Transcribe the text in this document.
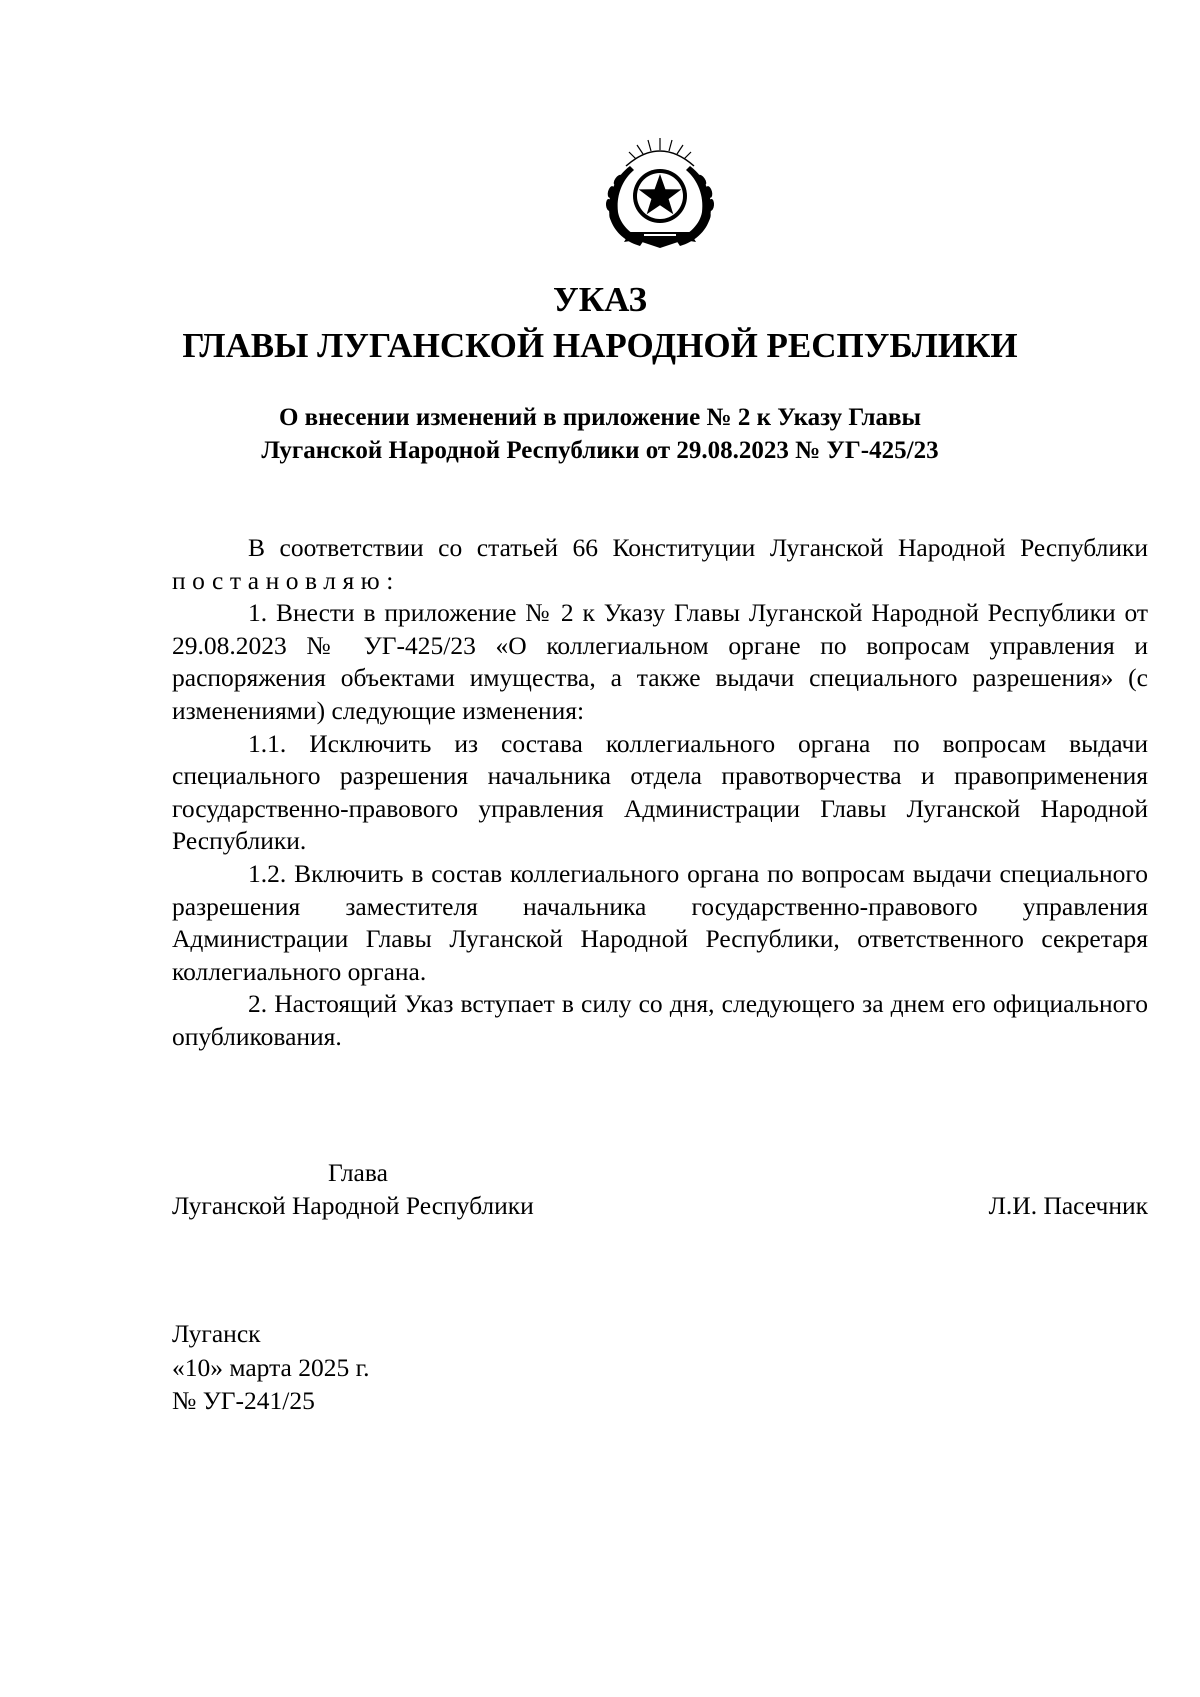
УКАЗ
ГЛАВЫ ЛУГАНСКОЙ НАРОДНОЙ РЕСПУБЛИКИ
О внесении изменений в приложение № 2 к Указу Главы
Луганской Народной Республики от 29.08.2023 № УГ-425/23

В соответствии со статьей 66 Конституции Луганской Народной Республики постановляю:

1. Внести в приложение № 2 к Указу Главы Луганской Народной Республики от 29.08.2023 № УГ-425/23 «О коллегиальном органе по вопросам управления и распоряжения объектами имущества, а также выдачи специального разрешения» (с изменениями) следующие изменения:

1.1. Исключить из состава коллегиального органа по вопросам выдачи специального разрешения начальника отдела правотворчества и правоприменения государственно-правового управления Администрации Главы Луганской Народной Республики.

1.2. Включить в состав коллегиального органа по вопросам выдачи специального разрешения заместителя начальника государственно-правового управления Администрации Главы Луганской Народной Республики, ответственного секретаря коллегиального органа.

2. Настоящий Указ вступает в силу со дня, следующего за днем его официального опубликования.

Глава
Луганской Народной Республики	Л.И. Пасечник
Луганск
«10» марта 2025 г.
№ УГ-241/25
